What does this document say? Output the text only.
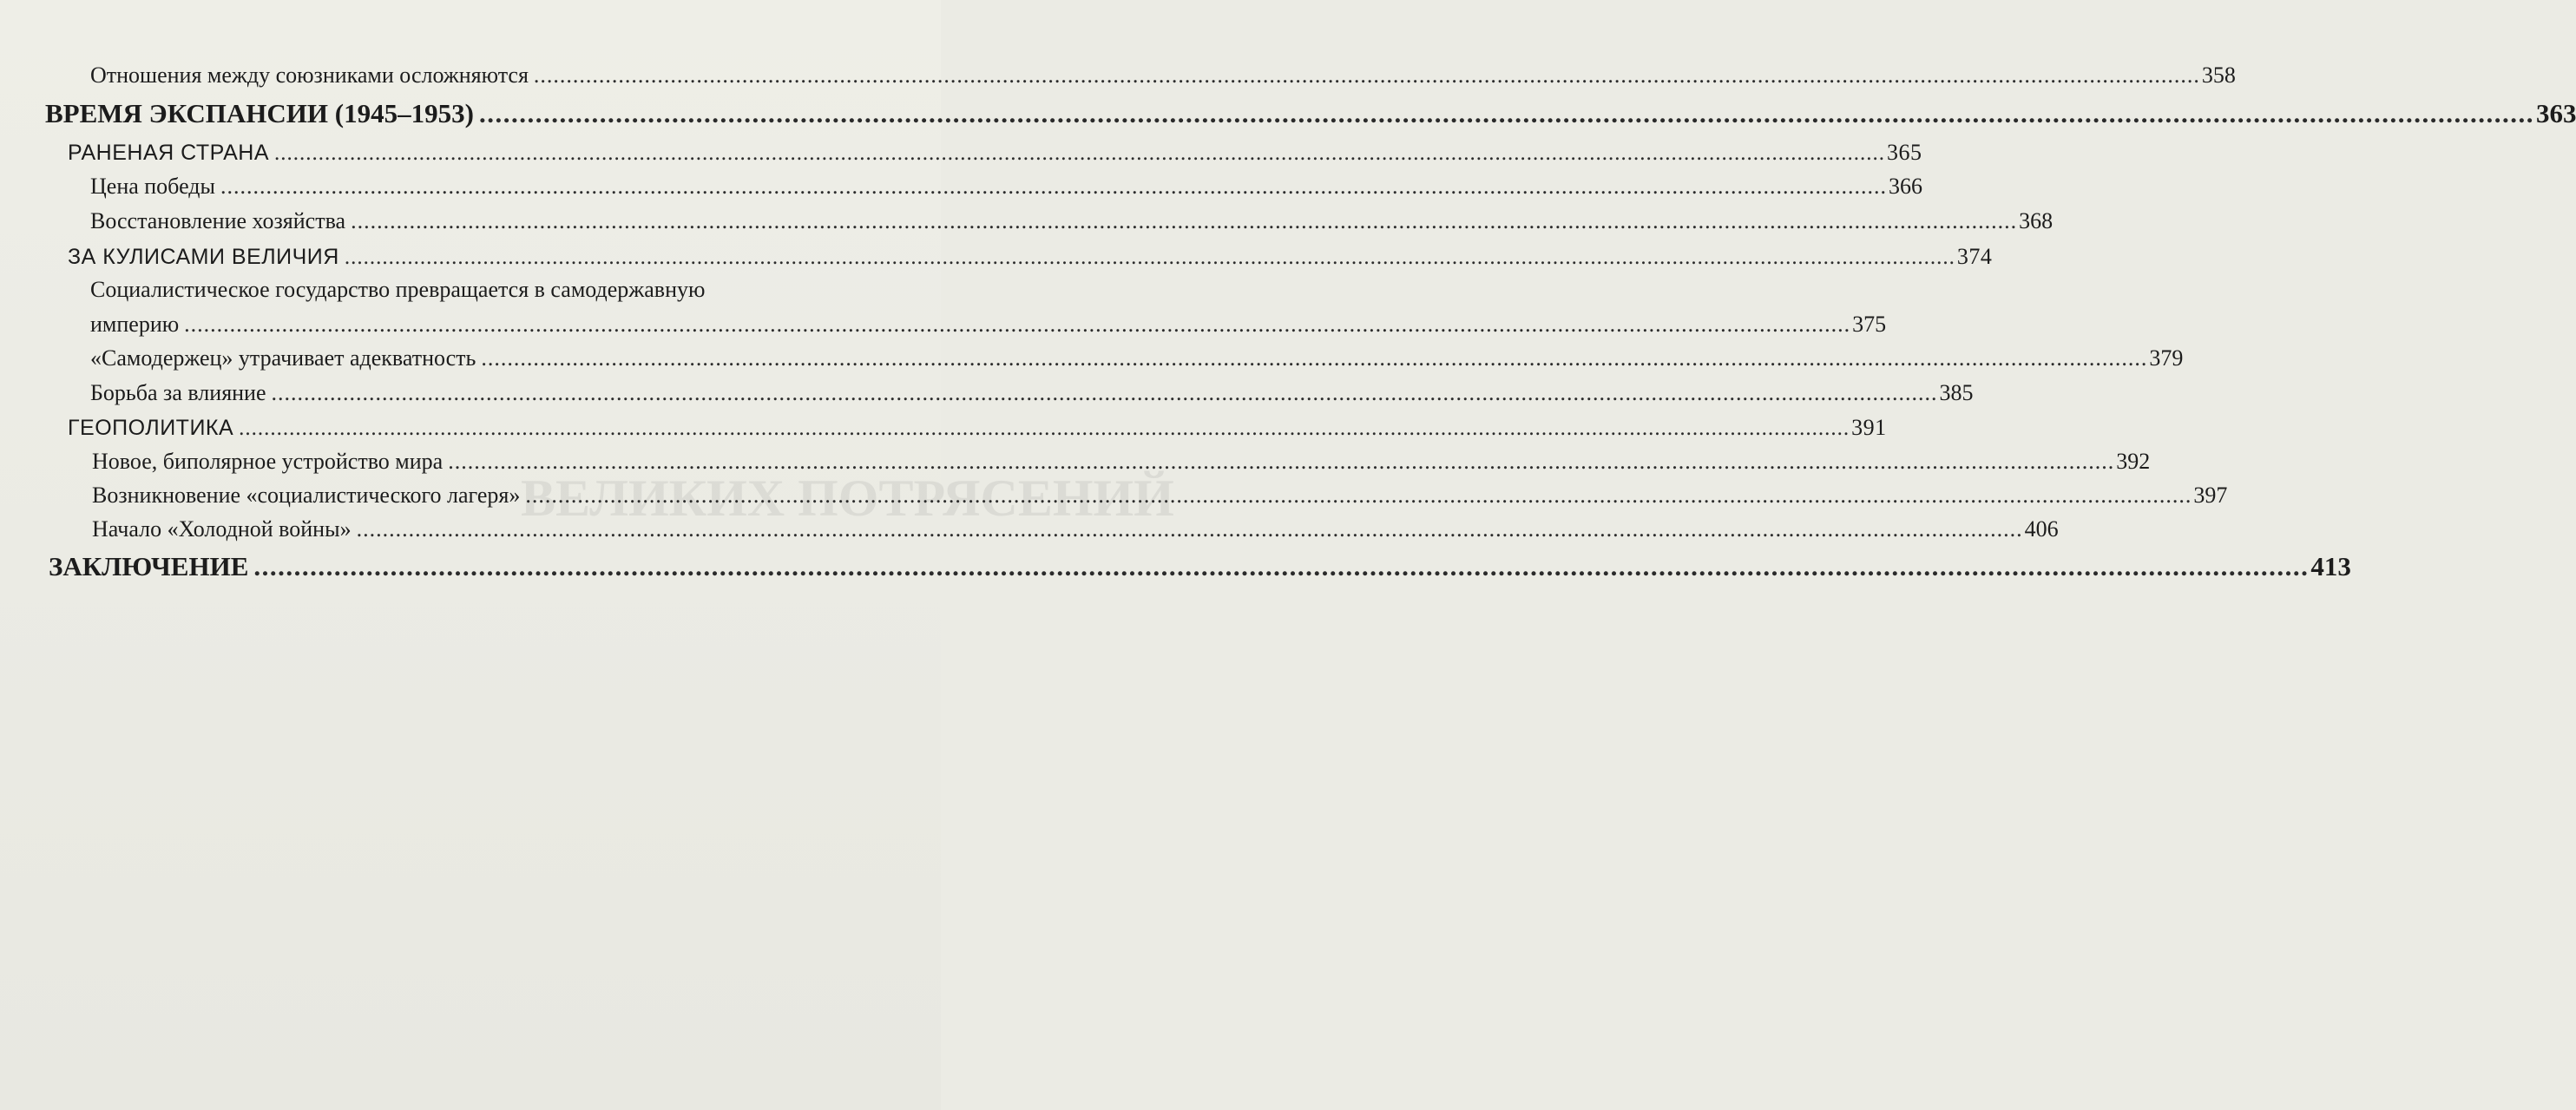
ВЕЛИКИХ ПОТРЯСЕНИЙ
Отношения между союзниками осложняются .....	358
ВРЕМЯ ЭКСПАНСИИ (1945–1953) .....	363
РАНЕНАЯ СТРАНА .....	365
Цена победы .....	366
Восстановление хозяйства .....	368
ЗА КУЛИСАМИ ВЕЛИЧИЯ .....	374
Социалистическое государство превращается в самодержавную
империю .....	375
«Самодержец» утрачивает адекватность .....	379
Борьба за влияние .....	385
ГЕОПОЛИТИКА .....	391
Новое, биполярное устройство мира .....	392
Возникновение «социалистического лагеря» .....	397
Начало «Холодной войны» .....	406
ЗАКЛЮЧЕНИЕ .....	413
